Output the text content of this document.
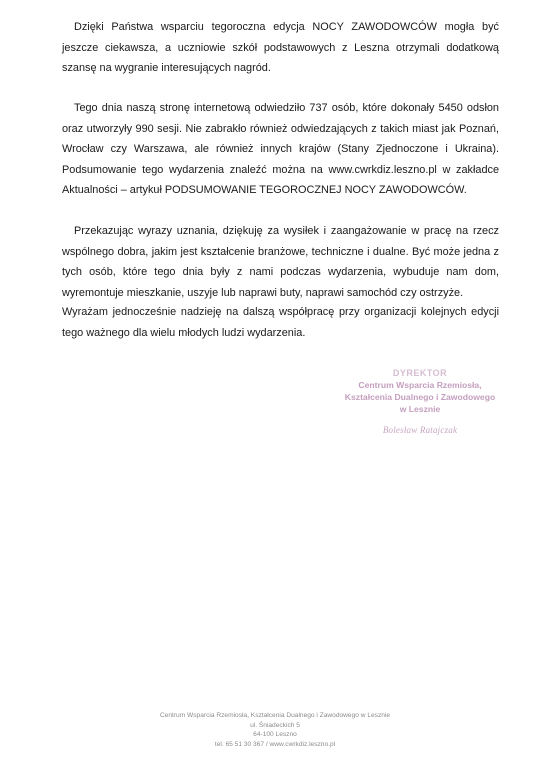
Dzięki Państwa wsparciu tegoroczna edycja NOCY ZAWODOWCÓW mogła być jeszcze ciekawsza, a uczniowie szkół podstawowych z Leszna otrzymali dodatkową szansę na wygranie interesujących nagród.

Tego dnia naszą stronę internetową odwiedziło 737 osób, które dokonały 5450 odsłon oraz utworzyły 990 sesji. Nie zabrakło również odwiedzających z takich miast jak Poznań, Wrocław czy Warszawa, ale również innych krajów (Stany Zjednoczone i Ukraina). Podsumowanie tego wydarzenia znaleźć można na www.cwrkdiz.leszno.pl w zakładce Aktualności – artykuł PODSUMOWANIE TEGOROCZNEJ NOCY ZAWODOWCÓW.

Przekazując wyrazy uznania, dziękuję za wysiłek i zaangażowanie w pracę na rzecz wspólnego dobra, jakim jest kształcenie branżowe, techniczne i dualne. Być może jedna z tych osób, które tego dnia były z nami podczas wydarzenia, wybuduje nam dom, wyremontuje mieszkanie, uszyje lub naprawi buty, naprawi samochód czy ostrzyże.

Wyrażam jednocześnie nadzieję na dalszą współpracę przy organizacji kolejnych edycji tego ważnego dla wielu młodych ludzi wydarzenia.

DYREKTOR
Centrum Wsparcia Rzemiosła,
Kształcenia Dualnego i Zawodowego
w Lesznie
Bolesław Ratajczak
Centrum Wsparcia Rzemiosła, Kształcenia Dualnego i Zawodowego w Lesznie
ul. Śniadeckich 5
64-100 Leszno
tel. 65 51 30 367 / www.cwrkdiz.leszno.pl
